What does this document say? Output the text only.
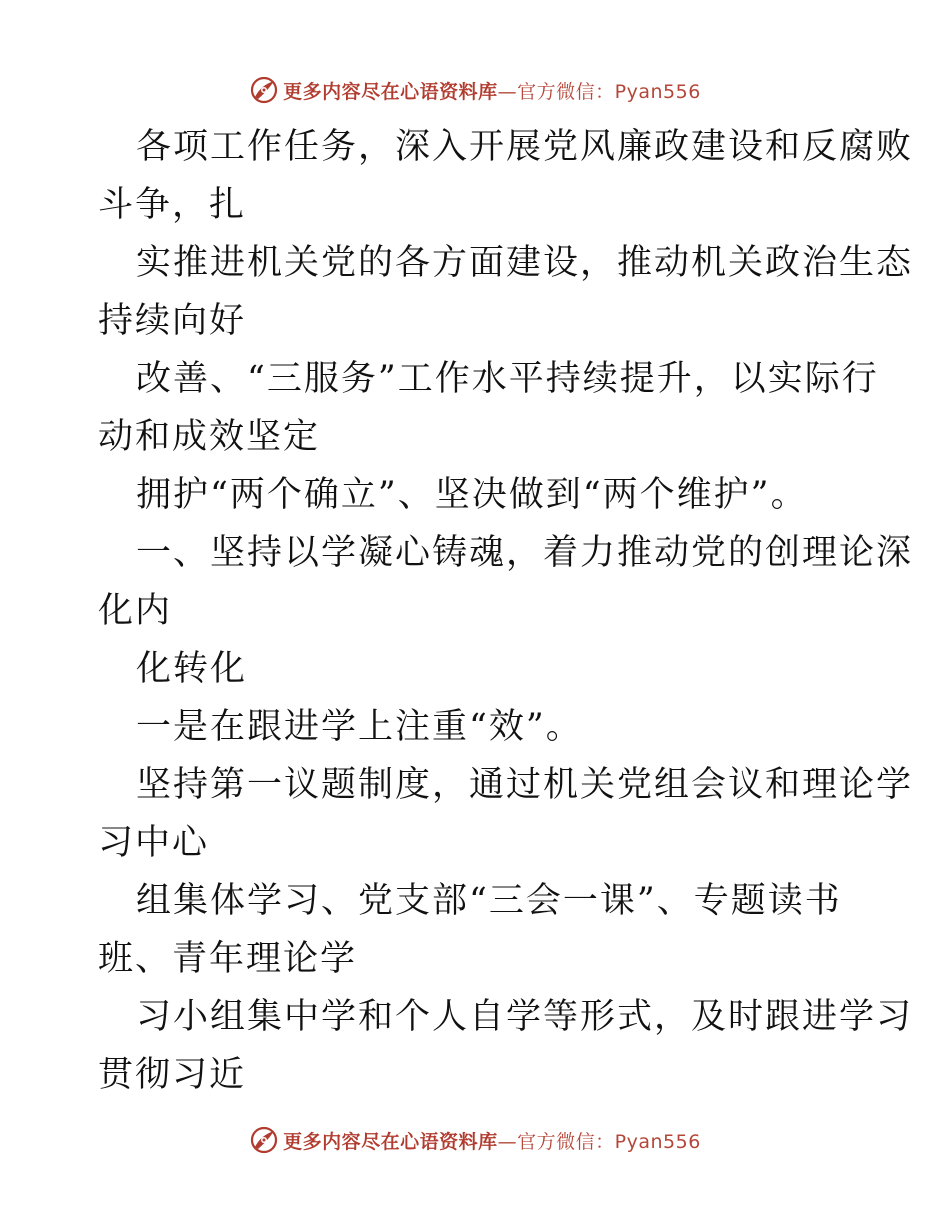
更多内容尽在心语资料库—官方微信：Pyan556
各项工作任务，深入开展党风廉政建设和反腐败
斗争，扎
实推进机关党的各方面建设，推动机关政治生态
持续向好
改善、“三服务”工作水平持续提升，以实际行
动和成效坚定
拥护“两个确立”、坚决做到“两个维护”。
一、坚持以学凝心铸魂，着力推动党的创理论深
化内
化转化
一是在跟进学上注重“效”。
坚持第一议题制度，通过机关党组会议和理论学
习中心
组集体学习、党支部“三会一课”、专题读书
班、青年理论学
习小组集中学和个人自学等形式，及时跟进学习
贯彻习近
更多内容尽在心语资料库—官方微信：Pyan556
